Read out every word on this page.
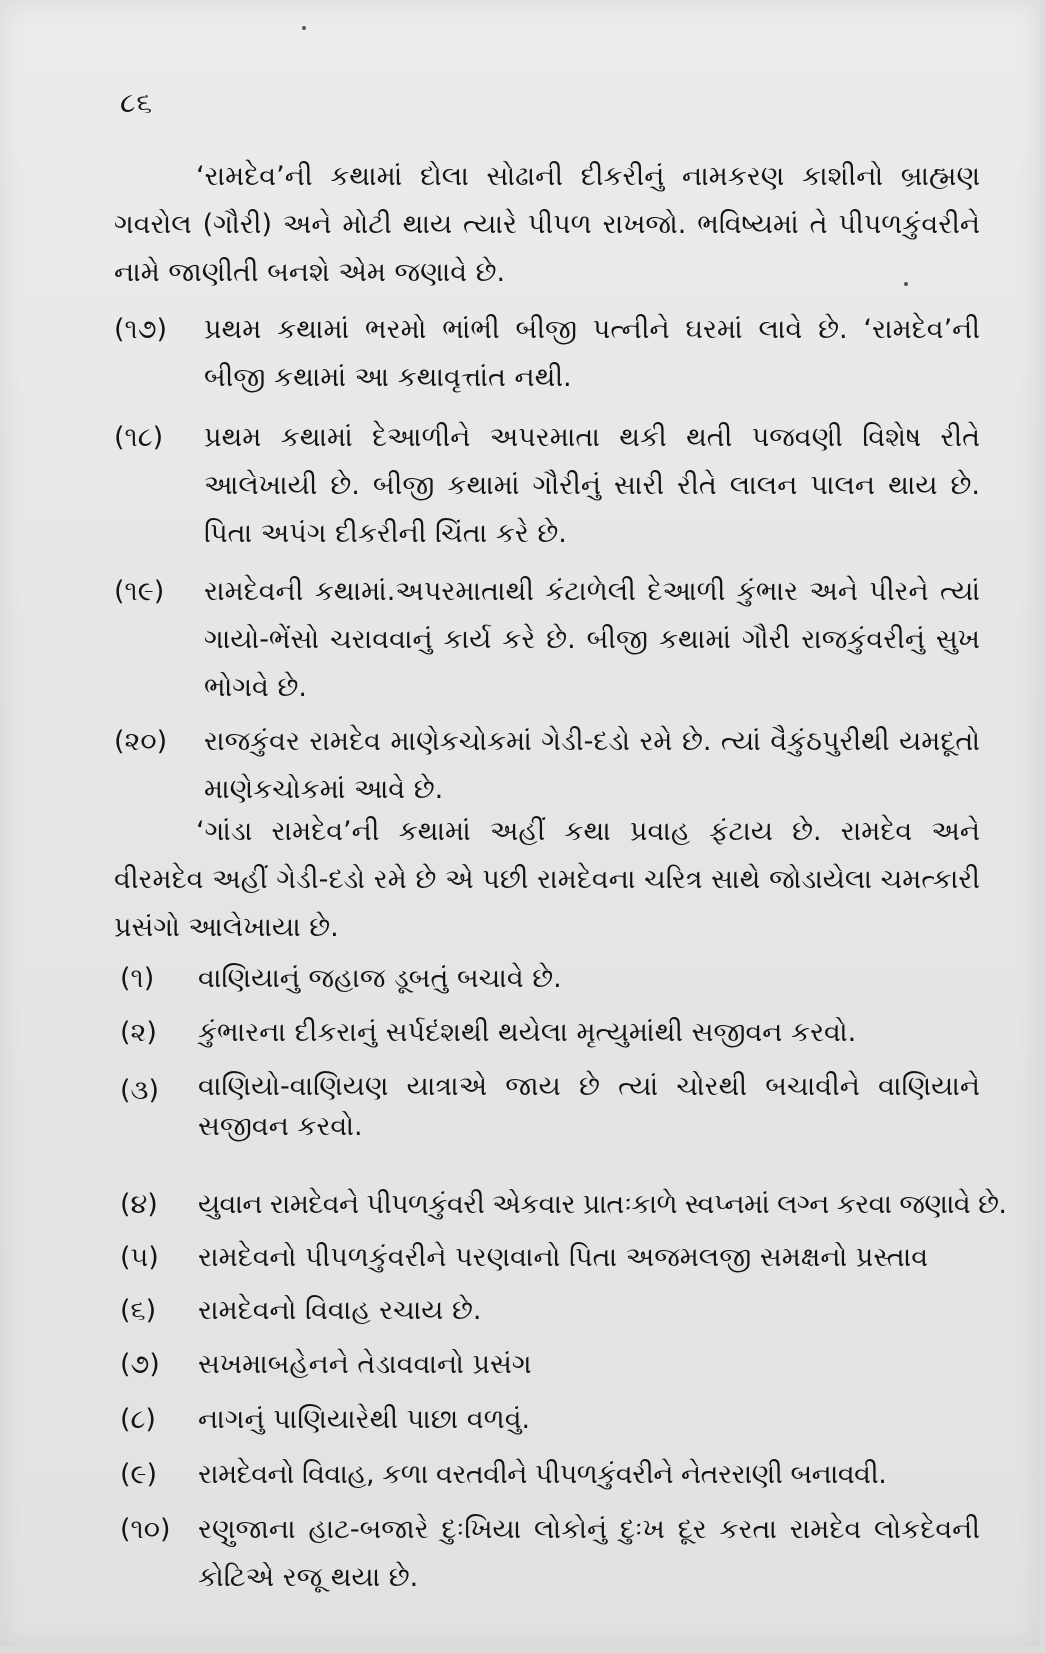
૮૬

‘રામદેવ’ની કથામાં દોલા સોઢાની દીકરીનું નામકરણ કાશીનો બ્રાહ્મણ ગવરોલ (ગૌરી) અને મોટી થાય ત્યારે પીપળ રાખજો. ભવિષ્યમાં તે પીપળકુંવરીને નામે જાણીતી બનશે એમ જણાવે છે.

(૧૭)	પ્રથમ કથામાં ભરમો ભાંભી બીજી પત્નીને ઘરમાં લાવે છે. ‘રામદેવ’ની બીજી કથામાં આ કથાવૃત્તાંત નથી.
(૧૮)	પ્રથમ કથામાં દેઆળીને અપરમાતા થકી થતી પજવણી વિશેષ રીતે આલેખાયી છે. બીજી કથામાં ગૌરીનું સારી રીતે લાલન પાલન થાય છે. પિતા અપંગ દીકરીની ચિંતા કરે છે.
(૧૯)	રામદેવની કથામાં.અપરમાતાથી કંટાળેલી દેઆળી કુંભાર અને પીરને ત્યાં ગાયો-ભેંસો ચરાવવાનું કાર્ય કરે છે. બીજી કથામાં ગૌરી રાજકુંવરીનું સુખ ભોગવે છે.
(૨૦)	રાજકુંવર રામદેવ માણેકચોકમાં ગેડી-દડો રમે છે. ત્યાં વૈકુંઠપુરીથી યમદૂતો માણેકચોકમાં આવે છે.

‘ગાંડા રામદેવ’ની કથામાં અહીં કથા પ્રવાહ ફંટાય છે. રામદેવ અને વીરમદેવ અહીં ગેડી-દડો રમે છે એ પછી રામદેવના ચરિત્ર સાથે જોડાયેલા ચમત્કારી પ્રસંગો આલેખાયા છે.

(૧)	વાણિયાનું જહાજ ડૂબતું બચાવે છે.
(૨)	કુંભારના દીકરાનું સર્પદંશથી થયેલા મૃત્યુમાંથી સજીવન કરવો.
(૩)	વાણિયો-વાણિયણ યાત્રાએ જાય છે ત્યાં ચોરથી બચાવીને વાણિયાને સજીવન કરવો.
(૪)	યુવાન રામદેવને પીપળકુંવરી એકવાર પ્રાતઃકાળે સ્વપ્નમાં લગ્ન કરવા જણાવે છે.
(૫)	રામદેવનો પીપળકુંવરીને પરણવાનો પિતા અજમલજી સમક્ષનો પ્રસ્તાવ
(૬)	રામદેવનો વિવાહ રચાય છે.
(૭)	સખમાબહેનને તેડાવવાનો પ્રસંગ
(૮)	નાગનું પાણિયારેથી પાછા વળવું.
(૯)	રામદેવનો વિવાહ, કળા વરતવીને પીપળકુંવરીને નેતરરાણી બનાવવી.
(૧૦)	રણુજાના હાટ-બજારે દુઃખિયા લોકોનું દુઃખ દૂર કરતા રામદેવ લોકદેવની કોટિએ રજૂ થયા છે.
